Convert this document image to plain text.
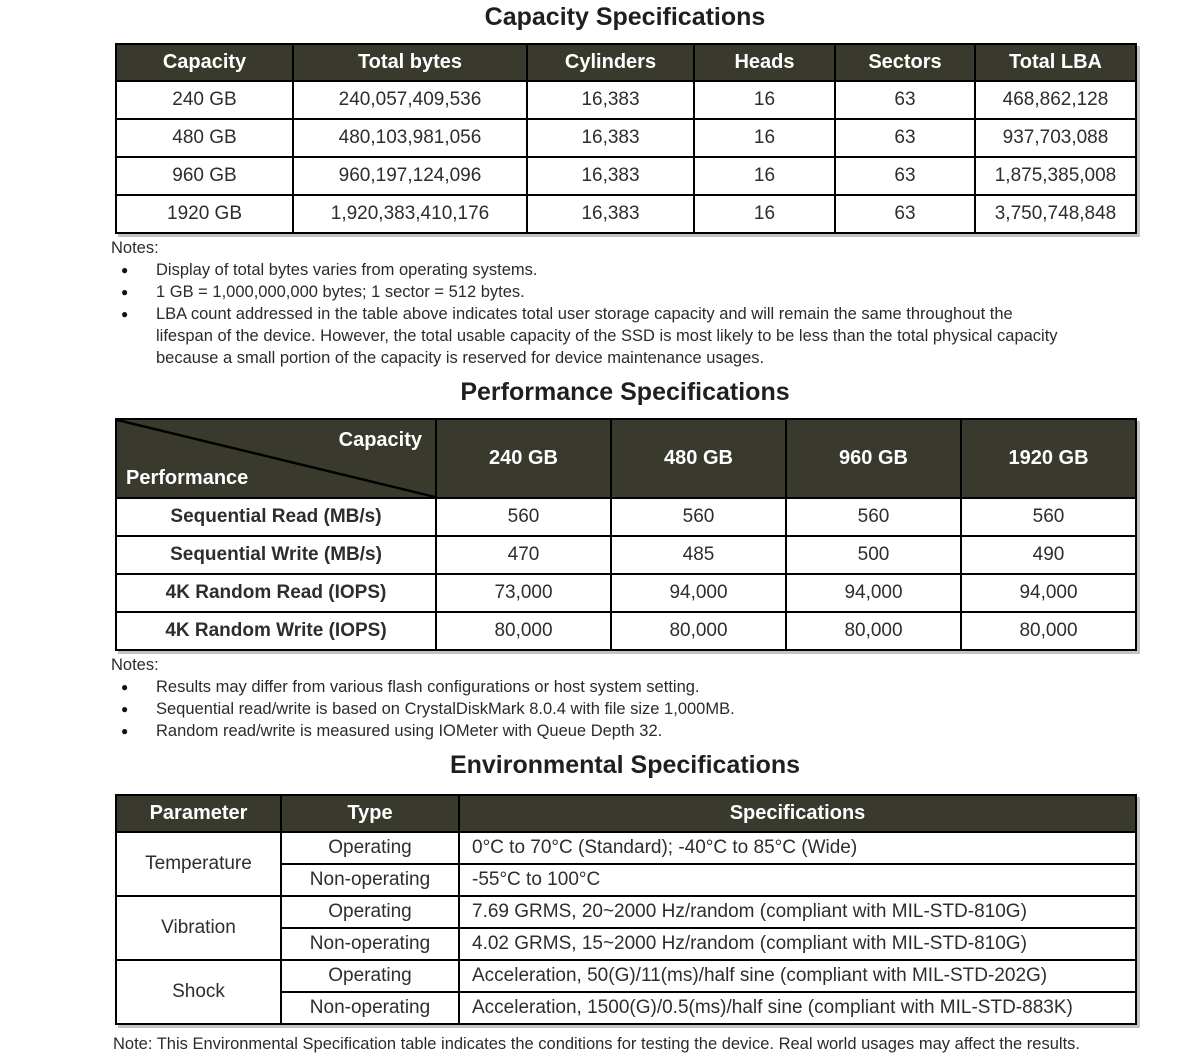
Capacity Specifications
Capacity	Total bytes	Cylinders	Heads	Sectors	Total LBA
240 GB	240,057,409,536	16,383	16	63	468,862,128
480 GB	480,103,981,056	16,383	16	63	937,703,088
960 GB	960,197,124,096	16,383	16	63	1,875,385,008
1920 GB	1,920,383,410,176	16,383	16	63	3,750,748,848
Notes:
● Display of total bytes varies from operating systems.
● 1 GB = 1,000,000,000 bytes; 1 sector = 512 bytes.
● LBA count addressed in the table above indicates total user storage capacity and will remain the same throughout the lifespan of the device. However, the total usable capacity of the SSD is most likely to be less than the total physical capacity because a small portion of the capacity is reserved for device maintenance usages.
Performance Specifications
Capacity
Performance	240 GB	480 GB	960 GB	1920 GB
Sequential Read (MB/s)	560	560	560	560
Sequential Write (MB/s)	470	485	500	490
4K Random Read (IOPS)	73,000	94,000	94,000	94,000
4K Random Write (IOPS)	80,000	80,000	80,000	80,000
Notes:
● Results may differ from various flash configurations or host system setting.
● Sequential read/write is based on CrystalDiskMark 8.0.4 with file size 1,000MB.
● Random read/write is measured using IOMeter with Queue Depth 32.
Environmental Specifications
Parameter	Type	Specifications
Temperature	Operating	0°C to 70°C (Standard); -40°C to 85°C (Wide)
	Non-operating	-55°C to 100°C
Vibration	Operating	7.69 GRMS, 20~2000 Hz/random (compliant with MIL-STD-810G)
	Non-operating	4.02 GRMS, 15~2000 Hz/random (compliant with MIL-STD-810G)
Shock	Operating	Acceleration, 50(G)/11(ms)/half sine (compliant with MIL-STD-202G)
	Non-operating	Acceleration, 1500(G)/0.5(ms)/half sine (compliant with MIL-STD-883K)
Note: This Environmental Specification table indicates the conditions for testing the device. Real world usages may affect the results.
